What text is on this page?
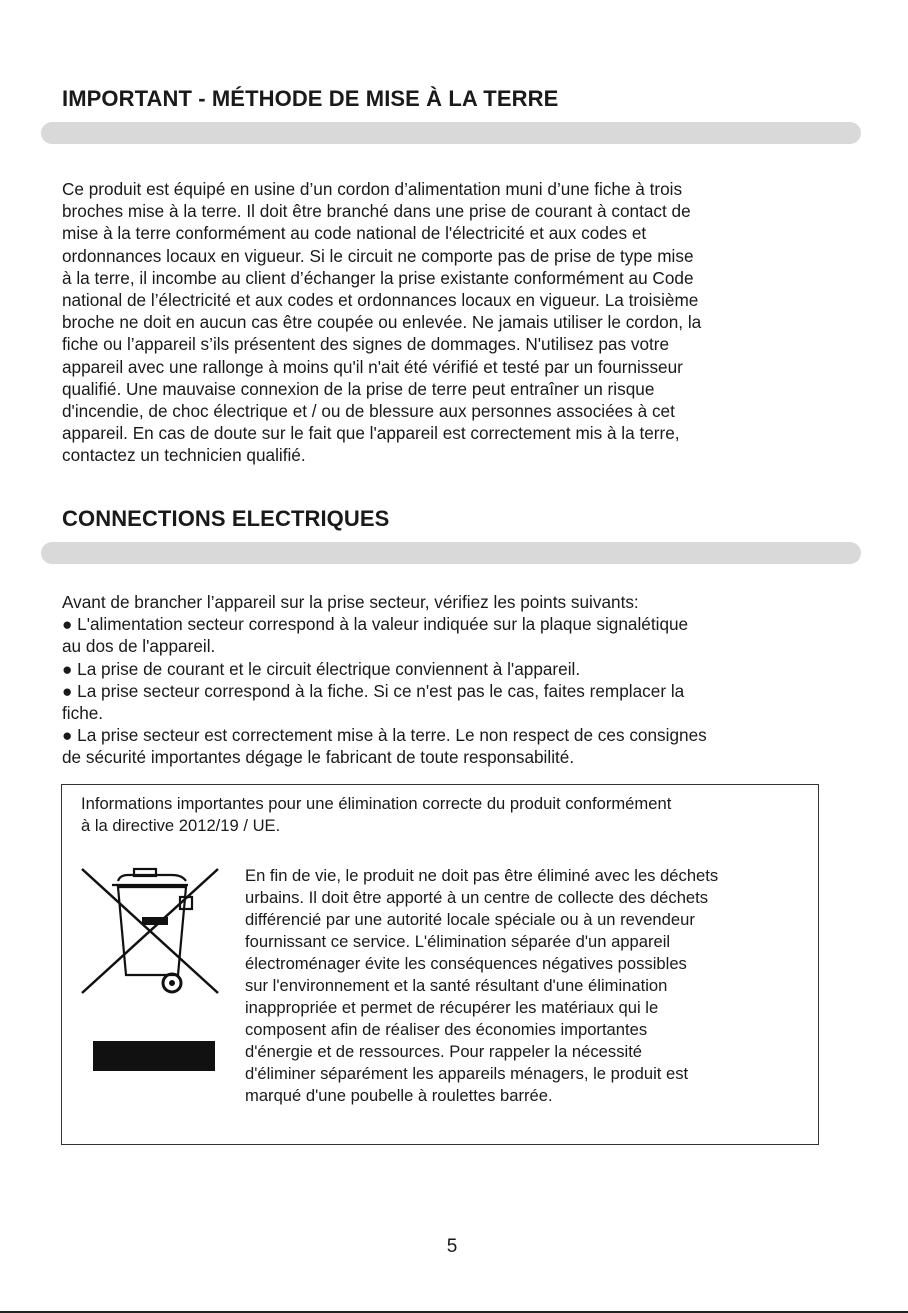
IMPORTANT - MÉTHODE DE MISE À LA TERRE

Ce produit est équipé en usine d’un cordon d’alimentation muni d’une fiche à trois
broches mise à la terre. Il doit être branché dans une prise de courant à contact de
mise à la terre conformément au code national de l'électricité et aux codes et
ordonnances locaux en vigueur. Si le circuit ne comporte pas de prise de type mise
à la terre, il incombe au client d’échanger la prise existante conformément au Code
national de l’électricité et aux codes et ordonnances locaux en vigueur. La troisième
broche ne doit en aucun cas être coupée ou enlevée. Ne jamais utiliser le cordon, la
fiche ou l’appareil s’ils présentent des signes de dommages. N'utilisez pas votre
appareil avec une rallonge à moins qu'il n'ait été vérifié et testé par un fournisseur
qualifié. Une mauvaise connexion de la prise de terre peut entraîner un risque
d'incendie, de choc électrique et / ou de blessure aux personnes associées à cet
appareil. En cas de doute sur le fait que l'appareil est correctement mis à la terre,
contactez un technicien qualifié.

CONNECTIONS ELECTRIQUES

Avant de brancher l’appareil sur la prise secteur, vérifiez les points suivants:
● L'alimentation secteur correspond à la valeur indiquée sur la plaque signalétique
au dos de l'appareil.
● La prise de courant et le circuit électrique conviennent à l'appareil.
● La prise secteur correspond à la fiche. Si ce n'est pas le cas, faites remplacer la
fiche.
● La prise secteur est correctement mise à la terre. Le non respect de ces consignes
de sécurité importantes dégage le fabricant de toute responsabilité.

Informations importantes pour une élimination correcte du produit conformément
à la directive 2012/19 / UE.

En fin de vie, le produit ne doit pas être éliminé avec les déchets
urbains. Il doit être apporté à un centre de collecte des déchets
différencié par une autorité locale spéciale ou à un revendeur
fournissant ce service. L'élimination séparée d'un appareil
électroménager évite les conséquences négatives possibles
sur l'environnement et la santé résultant d'une élimination
inappropriée et permet de récupérer les matériaux qui le
composent afin de réaliser des économies importantes
d'énergie et de ressources. Pour rappeler la nécessité
d'éliminer séparément les appareils ménagers, le produit est
marqué d'une poubelle à roulettes barrée.

5
